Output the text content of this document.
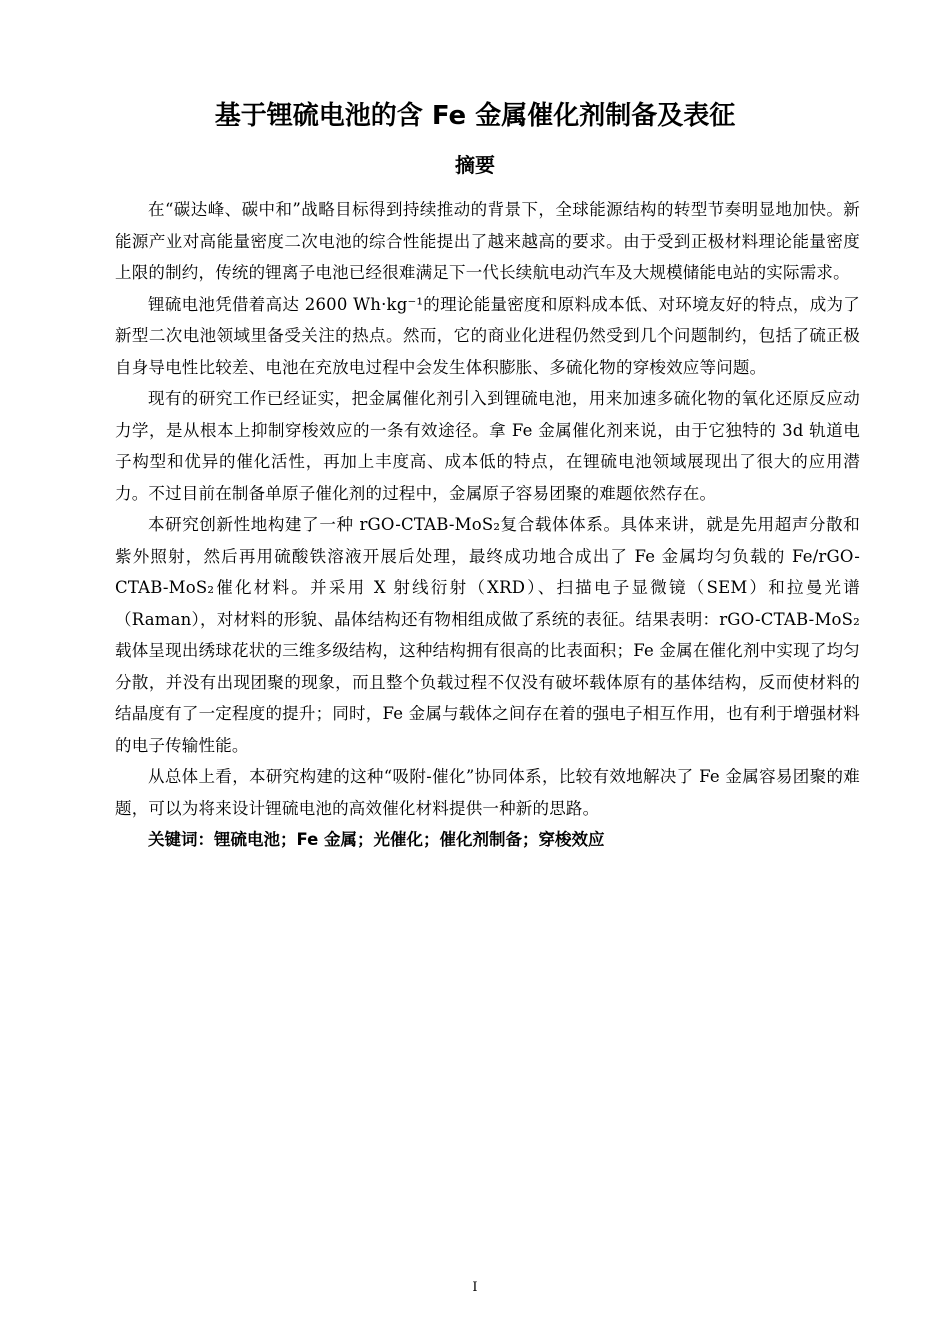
基于锂硫电池的含 Fe 金属催化剂制备及表征
摘要

在“碳达峰、碳中和”战略目标得到持续推动的背景下，全球能源结构的转型节奏明显地加快。新能源产业对高能量密度二次电池的综合性能提出了越来越高的要求。由于受到正极材料理论能量密度上限的制约，传统的锂离子电池已经很难满足下一代长续航电动汽车及大规模储能电站的实际需求。

锂硫电池凭借着高达 2600 Wh·kg⁻¹的理论能量密度和原料成本低、对环境友好的特点，成为了新型二次电池领域里备受关注的热点。然而，它的商业化进程仍然受到几个问题制约，包括了硫正极自身导电性比较差、电池在充放电过程中会发生体积膨胀、多硫化物的穿梭效应等问题。

现有的研究工作已经证实，把金属催化剂引入到锂硫电池，用来加速多硫化物的氧化还原反应动力学，是从根本上抑制穿梭效应的一条有效途径。拿 Fe 金属催化剂来说，由于它独特的 3d 轨道电子构型和优异的催化活性，再加上丰度高、成本低的特点，在锂硫电池领域展现出了很大的应用潜力。不过目前在制备单原子催化剂的过程中，金属原子容易团聚的难题依然存在。

本研究创新性地构建了一种 rGO-CTAB-MoS₂复合载体体系。具体来讲，就是先用超声分散和紫外照射，然后再用硫酸铁溶液开展后处理，最终成功地合成出了 Fe 金属均匀负载的 Fe/rGO-CTAB-MoS₂催化材料。并采用 X 射线衍射（XRD）、扫描电子显微镜（SEM）和拉曼光谱（Raman），对材料的形貌、晶体结构还有物相组成做了系统的表征。结果表明：rGO-CTAB-MoS₂载体呈现出绣球花状的三维多级结构，这种结构拥有很高的比表面积；Fe 金属在催化剂中实现了均匀分散，并没有出现团聚的现象，而且整个负载过程不仅没有破坏载体原有的基体结构，反而使材料的结晶度有了一定程度的提升；同时，Fe 金属与载体之间存在着的强电子相互作用，也有利于增强材料的电子传输性能。

从总体上看，本研究构建的这种“吸附-催化”协同体系，比较有效地解决了 Fe 金属容易团聚的难题，可以为将来设计锂硫电池的高效催化材料提供一种新的思路。

关键词：锂硫电池；Fe 金属；光催化；催化剂制备；穿梭效应

I
